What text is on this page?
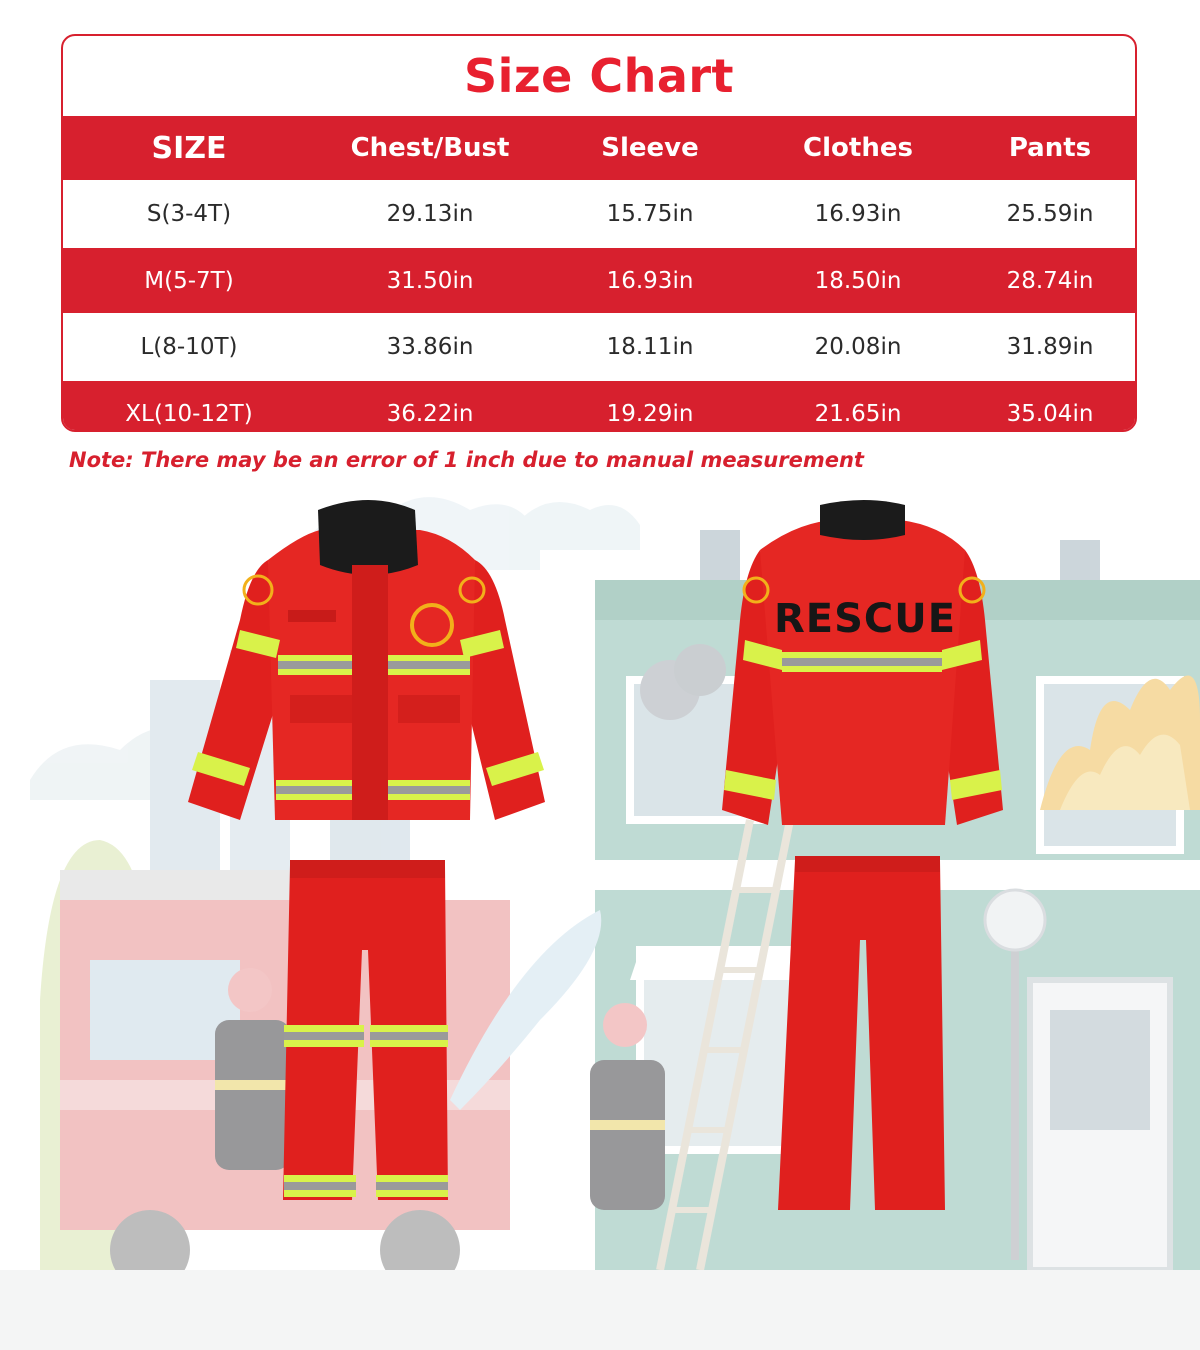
Size Chart
SIZE	Chest/Bust	Sleeve	Clothes	Pants
S(3-4T)	29.13in	15.75in	16.93in	25.59in
M(5-7T)	31.50in	16.93in	18.50in	28.74in
L(8-10T)	33.86in	18.11in	20.08in	31.89in
XL(10-12T)	36.22in	19.29in	21.65in	35.04in
Note: There may be an error of 1 inch due to manual measurement
RESCUE
